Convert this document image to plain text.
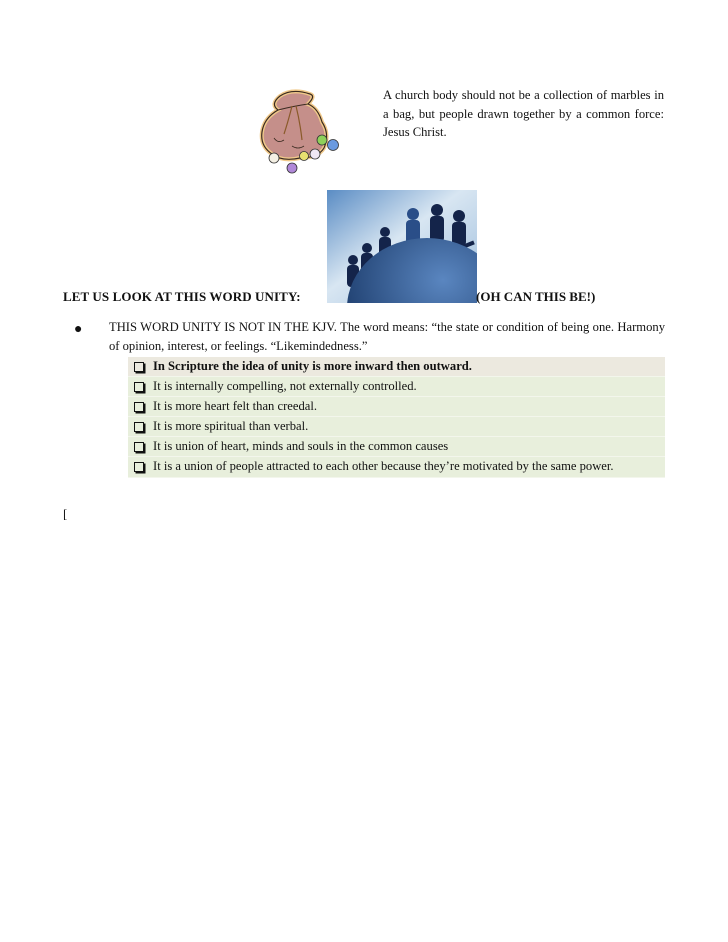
A church body should not be a collection of marbles in a bag, but people drawn together by a common force: Jesus Christ.
LET US LOOK AT THIS WORD UNITY:	(OH CAN THIS BE!)
● THIS WORD UNITY IS NOT IN THE KJV. The word means: “the state or condition of being one. Harmony of opinion, interest, or feelings. “Likemindedness.”
In Scripture the idea of unity is more inward then outward.
It is internally compelling, not externally controlled.
It is more heart felt than creedal.
It is more spiritual than verbal.
It is union of heart, minds and souls in the common causes
It is a union of people attracted to each other because they’re motivated by the same power.
[
